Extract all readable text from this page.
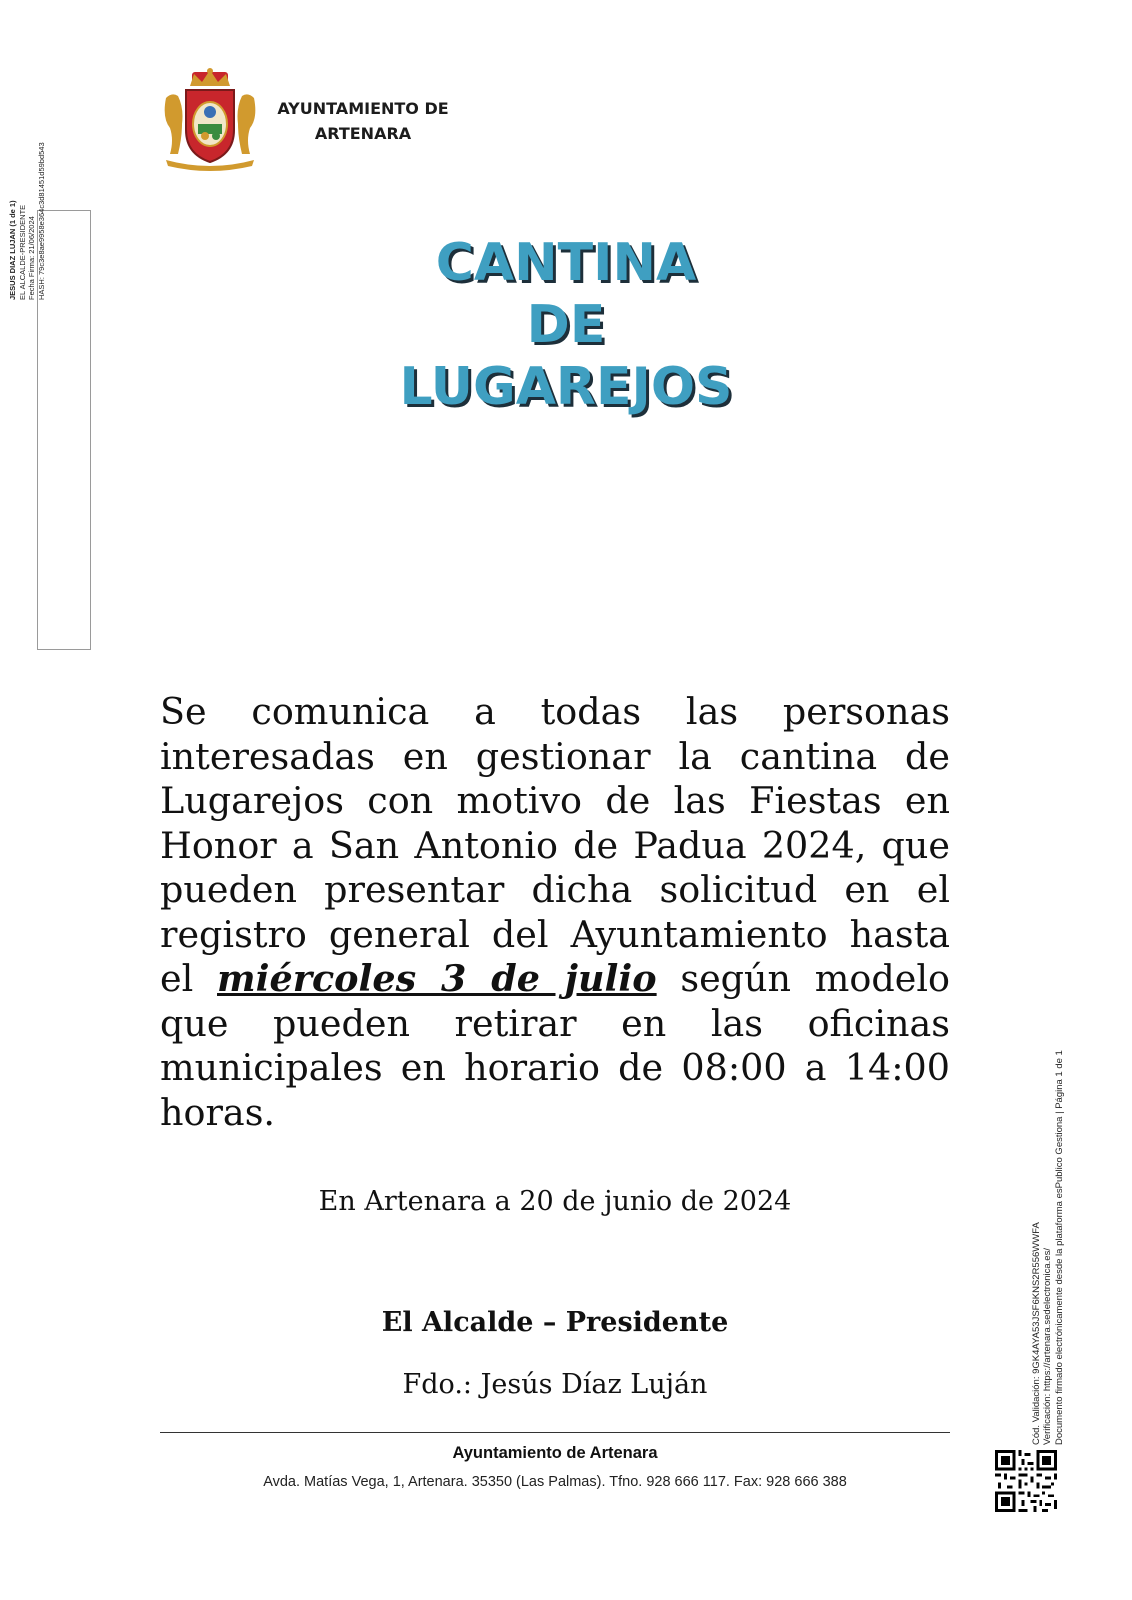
AYUNTAMIENTO DE
ARTENARA
JESUS DIAZ LUJAN (1 de 1) EL ALCALDE-PRESIDENTE Fecha Firma: 21/06/2024 HASH: 79c3e8ae9958e364c3d81451d59bd543	CANTINA
DE
LUGAREJOS
Se comunica a todas las personas interesadas en gestionar la cantina de Lugarejos con motivo de las Fiestas en Honor a San Antonio de Padua 2024, que pueden presentar dicha solicitud en el registro general del Ayuntamiento hasta el miércoles 3 de julio según modelo que pueden retirar en las oficinas municipales en horario de 08:00 a 14:00 horas.
En Artenara a 20 de junio de 2024
El Alcalde – Presidente
Fdo.: Jesús Díaz Luján
Ayuntamiento de Artenara
Avda. Matías Vega, 1, Artenara. 35350 (Las Palmas). Tfno. 928 666 117. Fax: 928 666 388
Cód. Validación: 9GK4AYA53JSF6KNS2R556WWFA Verificación: https://artenara.sedelectronica.es/ Documento firmado electrónicamente desde la plataforma esPublico Gestiona | Página 1 de 1
